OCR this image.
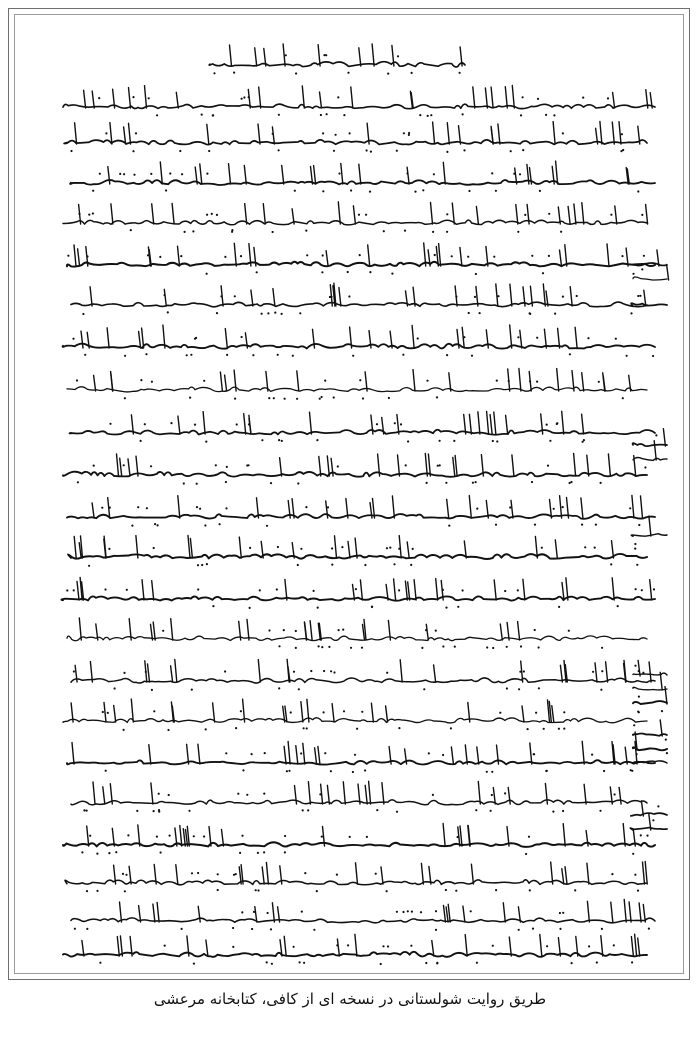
طریق روایت شولستانی در نسخه ای از کافی، کتابخانه مرعشی
